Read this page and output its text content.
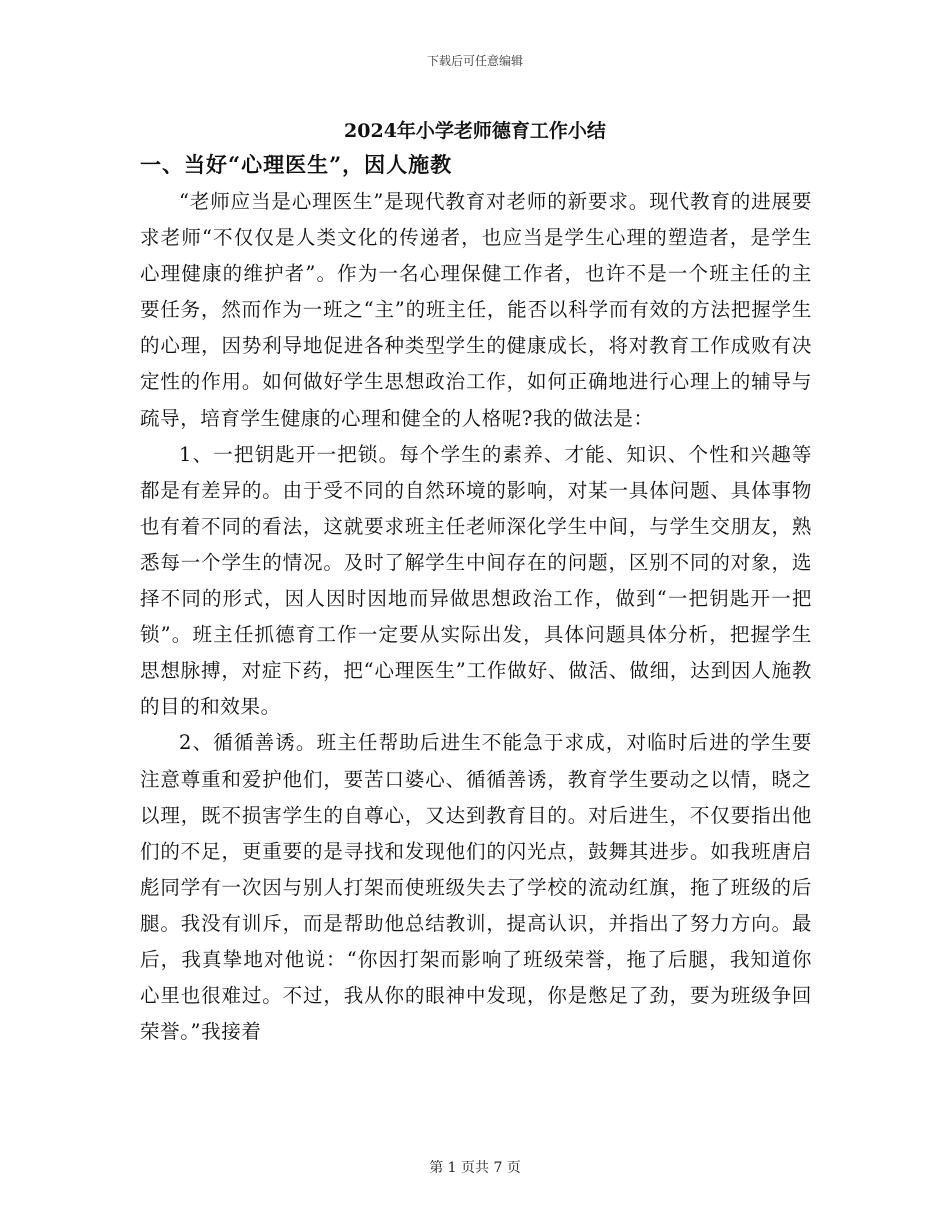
下载后可任意编辑
2024年小学老师德育工作小结
一、当好“心理医生”，因人施教

“老师应当是心理医生”是现代教育对老师的新要求。现代教育的进展要求老师“不仅仅是人类文化的传递者，也应当是学生心理的塑造者，是学生心理健康的维护者”。作为一名心理保健工作者，也许不是一个班主任的主要任务，然而作为一班之“主”的班主任，能否以科学而有效的方法把握学生的心理，因势利导地促进各种类型学生的健康成长，将对教育工作成败有决定性的作用。如何做好学生思想政治工作，如何正确地进行心理上的辅导与疏导，培育学生健康的心理和健全的人格呢?我的做法是：

1、一把钥匙开一把锁。每个学生的素养、才能、知识、个性和兴趣等都是有差异的。由于受不同的自然环境的影响，对某一具体问题、具体事物也有着不同的看法，这就要求班主任老师深化学生中间，与学生交朋友，熟悉每一个学生的情况。及时了解学生中间存在的问题，区别不同的对象，选择不同的形式，因人因时因地而异做思想政治工作，做到“一把钥匙开一把锁”。班主任抓德育工作一定要从实际出发，具体问题具体分析，把握学生思想脉搏，对症下药，把“心理医生”工作做好、做活、做细，达到因人施教的目的和效果。

2、循循善诱。班主任帮助后进生不能急于求成，对临时后进的学生要注意尊重和爱护他们，要苦口婆心、循循善诱，教育学生要动之以情，晓之以理，既不损害学生的自尊心，又达到教育目的。对后进生，不仅要指出他们的不足，更重要的是寻找和发现他们的闪光点，鼓舞其进步。如我班唐启彪同学有一次因与别人打架而使班级失去了学校的流动红旗，拖了班级的后腿。我没有训斥，而是帮助他总结教训，提高认识，并指出了努力方向。最后，我真挚地对他说：“你因打架而影响了班级荣誉，拖了后腿，我知道你心里也很难过。不过，我从你的眼神中发现，你是憋足了劲，要为班级争回荣誉。”我接着

第 1 页共 7 页
